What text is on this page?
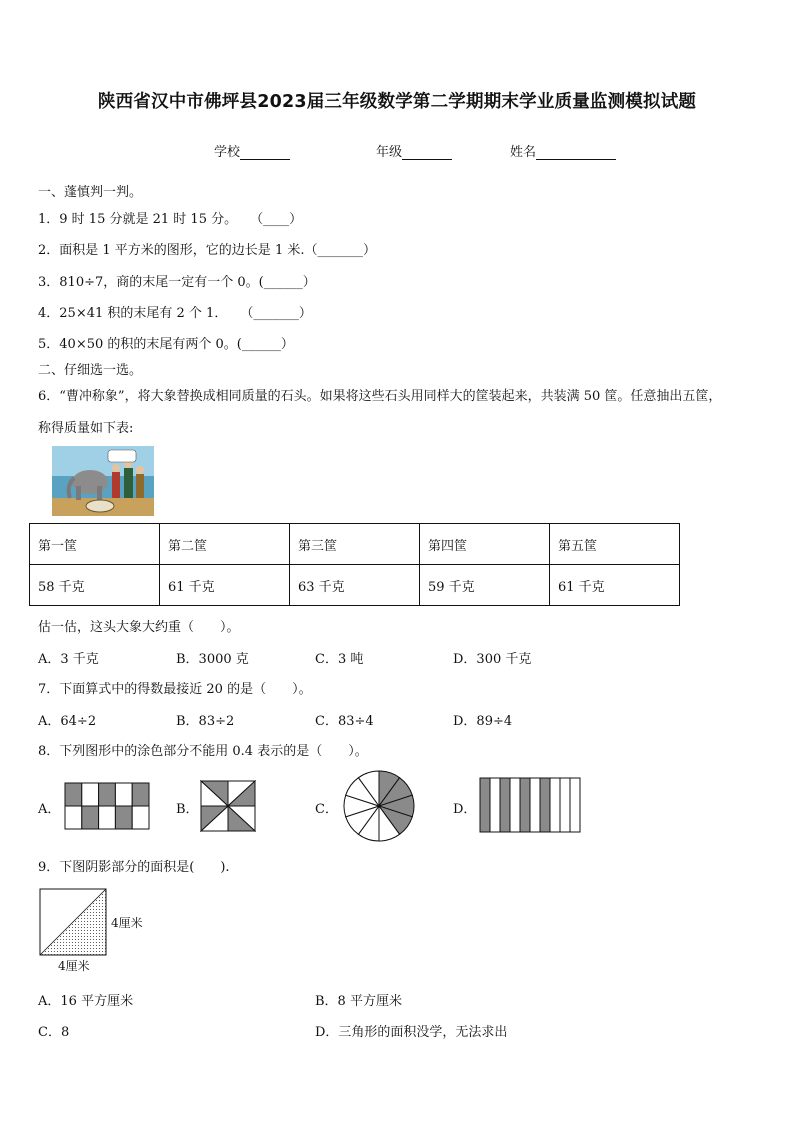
陕西省汉中市佛坪县2023届三年级数学第二学期期末学业质量监测模拟试题
学校	年级	姓名
一、蓬慎判一判。
1．9 时 15 分就是 21 时 15 分。　　（____）
2．面积是 1 平方米的图形，它的边长是 1 米.（_______）
3．810÷7，商的末尾一定有一个 0。(______）
4．25×41 积的末尾有 2 个 1．　　（_______）
5．40×50 的积的末尾有两个 0。(______）
二、仔细选一选。
6．“曹冲称象”，将大象替换成相同质量的石头。如果将这些石头用同样大的筐装起来，共装满 50 筐。任意抽出五筐，
称得质量如下表:
第一筐	第二筐	第三筐	第四筐	第五筐
58 千克	61 千克	63 千克	59 千克	61 千克
估一估，这头大象大约重（　　）。
A．3 千克	B．3000 克	C．3 吨	D．300 千克
7．下面算式中的得数最接近 20 的是（　　）。
A．64÷2	B．83÷2	C．83÷4	D．89÷4
8．下列图形中的涂色部分不能用 0.4 表示的是（　　）。
A．	B．	C．	D．
9．下图阴影部分的面积是(　　).
4厘米
4厘米
A．16 平方厘米	B．8 平方厘米
C．8	D．三角形的面积没学，无法求出
